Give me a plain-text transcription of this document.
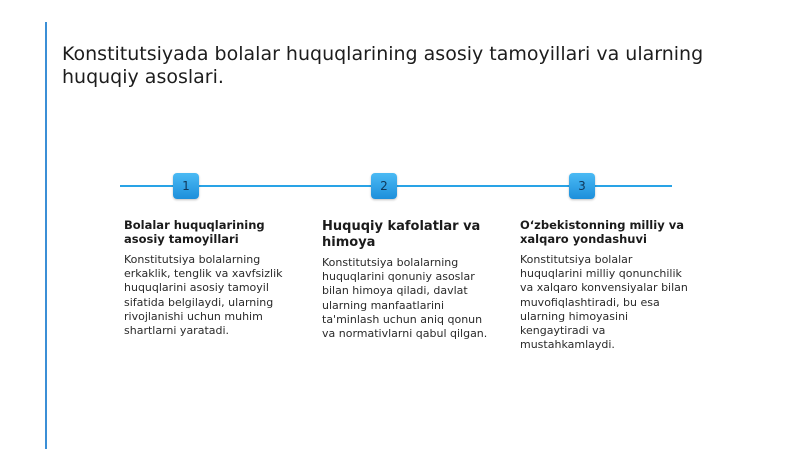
Konstitutsiyada bolalar huquqlarining asosiy tamoyillari va ularning huquqiy asoslari.
1	2	3
Bolalar huquqlarining asosiy tamoyillari

Konstitutsiya bolalarning erkaklik, tenglik va xavfsizlik huquqlarini asosiy tamoyil sifatida belgilaydi, ularning rivojlanishi uchun muhim shartlarni yaratadi.

Huquqiy kafolatlar va himoya

Konstitutsiya bolalarning huquqlarini qonuniy asoslar bilan himoya qiladi, davlat ularning manfaatlarini ta'minlash uchun aniq qonun va normativlarni qabul qilgan.

O‘zbekistonning milliy va xalqaro yondashuvi

Konstitutsiya bolalar huquqlarini milliy qonunchilik va xalqaro konvensiyalar bilan muvofiqlashtiradi, bu esa ularning himoyasini kengaytiradi va mustahkamlaydi.
